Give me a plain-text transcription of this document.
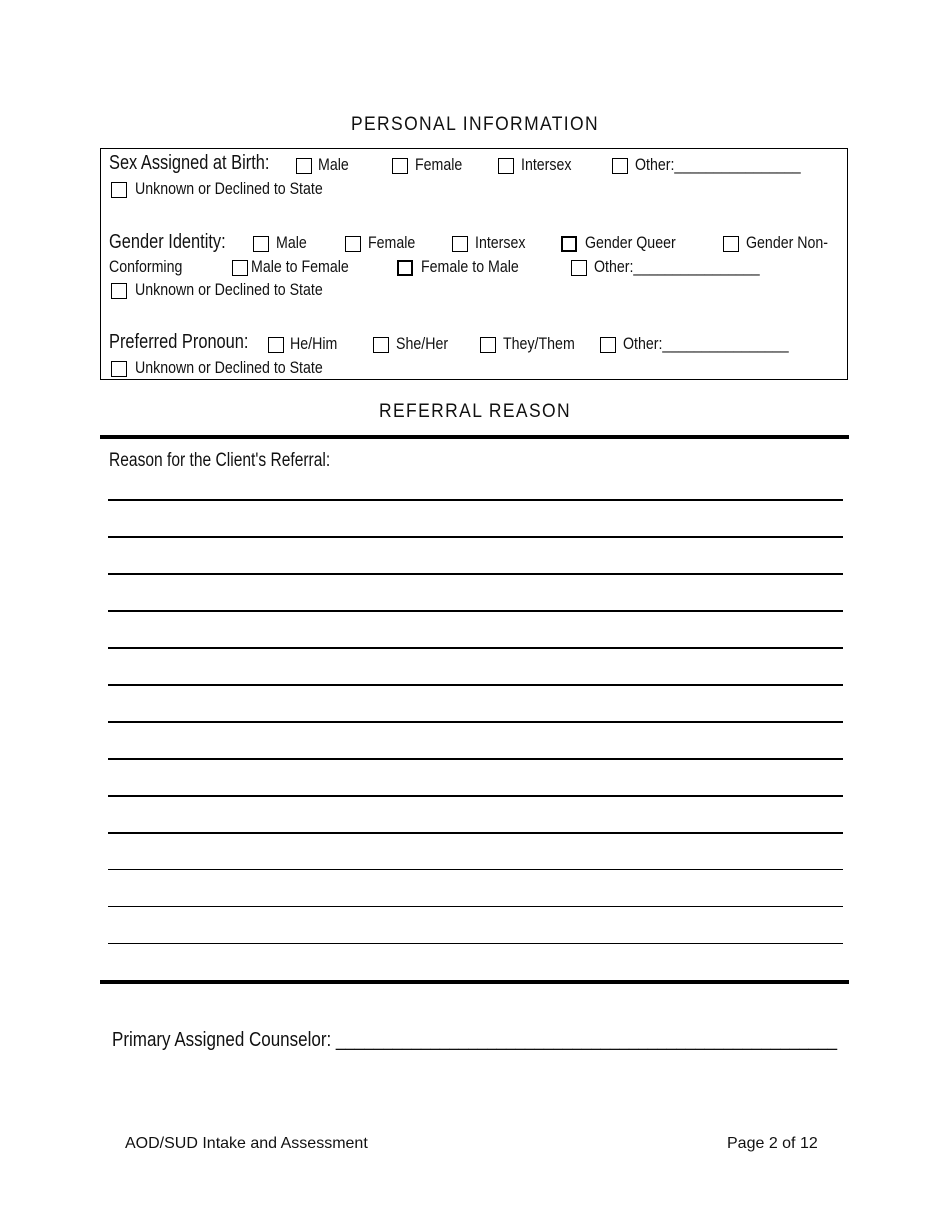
PERSONAL INFORMATION
Sex Assigned at Birth:	Male	Female	Intersex	Other:________________
Unknown or Declined to State
Gender Identity:	Male	Female	Intersex	Gender Queer	Gender Non-
Conforming	Male to Female	Female to Male	Other:________________
Unknown or Declined to State
Preferred Pronoun:	He/Him	She/Her	They/Them	Other:________________
Unknown or Declined to State
REFERRAL REASON
Reason for the Client's Referral:
Primary Assigned Counselor: _____________________________________________________
AOD/SUD Intake and Assessment	Page 2 of 12
